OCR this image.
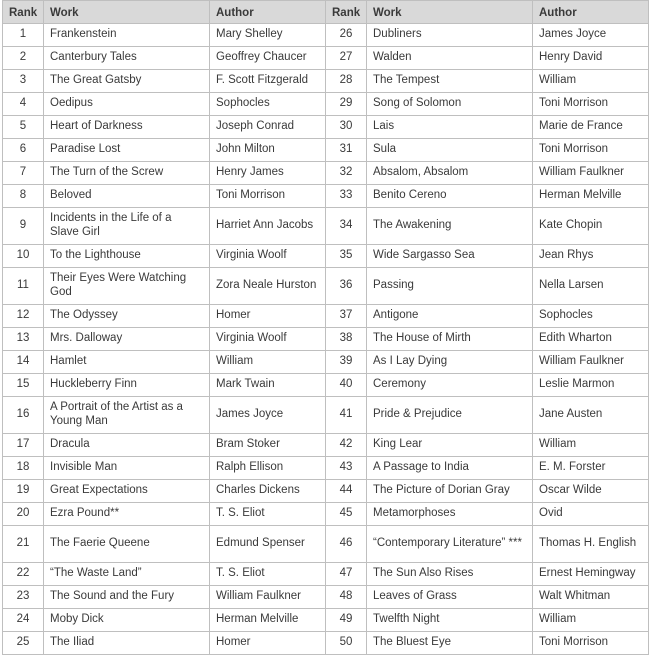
Rank	Work	Author	Rank	Work	Author
1	Frankenstein	Mary Shelley	26	Dubliners	James Joyce
2	Canterbury Tales	Geoffrey Chaucer	27	Walden	Henry David
3	The Great Gatsby	F. Scott Fitzgerald	28	The Tempest	William
4	Oedipus	Sophocles	29	Song of Solomon	Toni Morrison
5	Heart of Darkness	Joseph Conrad	30	Lais	Marie de France
6	Paradise Lost	John Milton	31	Sula	Toni Morrison
7	The Turn of the Screw	Henry James	32	Absalom, Absalom	William Faulkner
8	Beloved	Toni Morrison	33	Benito Cereno	Herman Melville
9	Incidents in the Life of a Slave Girl	Harriet Ann Jacobs	34	The Awakening	Kate Chopin
10	To the Lighthouse	Virginia Woolf	35	Wide Sargasso Sea	Jean Rhys
11	Their Eyes Were Watching God	Zora Neale Hurston	36	Passing	Nella Larsen
12	The Odyssey	Homer	37	Antigone	Sophocles
13	Mrs. Dalloway	Virginia Woolf	38	The House of Mirth	Edith Wharton
14	Hamlet	William	39	As I Lay Dying	William Faulkner
15	Huckleberry Finn	Mark Twain	40	Ceremony	Leslie Marmon
16	A Portrait of the Artist as a Young Man	James Joyce	41	Pride & Prejudice	Jane Austen
17	Dracula	Bram Stoker	42	King Lear	William
18	Invisible Man	Ralph Ellison	43	A Passage to India	E. M. Forster
19	Great Expectations	Charles Dickens	44	The Picture of Dorian Gray	Oscar Wilde
20	Ezra Pound**	T. S. Eliot	45	Metamorphoses	Ovid
21	The Faerie Queene	Edmund Spenser	46	“Contemporary Literature” ***	Thomas H. English
22	“The Waste Land”	T. S. Eliot	47	The Sun Also Rises	Ernest Hemingway
23	The Sound and the Fury	William Faulkner	48	Leaves of Grass	Walt Whitman
24	Moby Dick	Herman Melville	49	Twelfth Night	William
25	The Iliad	Homer	50	The Bluest Eye	Toni Morrison
